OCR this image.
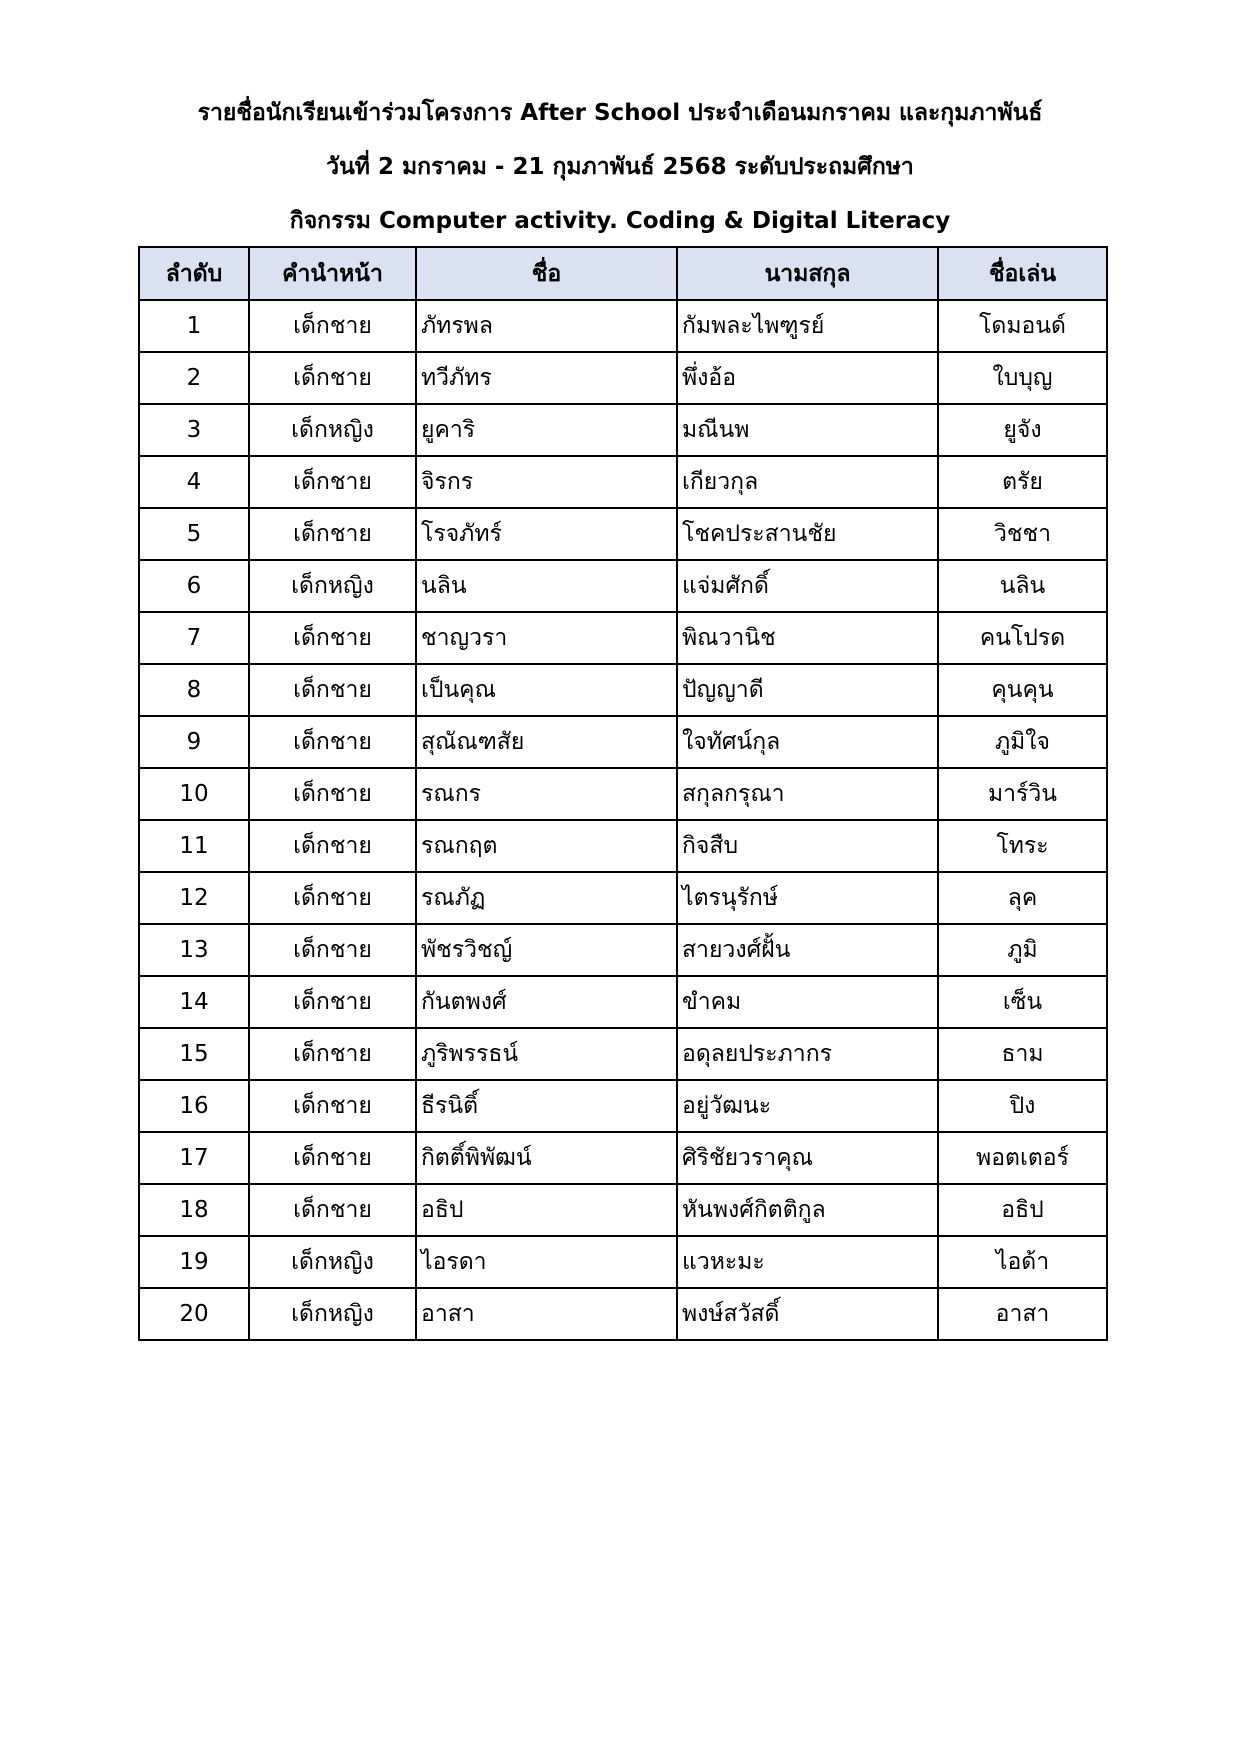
รายชื่อนักเรียนเข้าร่วมโครงการ After School ประจำเดือนมกราคม และกุมภาพันธ์
วันที่ 2 มกราคม - 21 กุมภาพันธ์ 2568 ระดับประถมศึกษา
กิจกรรม Computer activity. Coding & Digital Literacy
ลำดับ	คำนำหน้า	ชื่อ	นามสกุล	ชื่อเล่น
1	เด็กชาย	ภัทรพล	กัมพละไพฑูรย์	โดมอนด์
2	เด็กชาย	ทวีภัทร	พึ่งอ้อ	ใบบุญ
3	เด็กหญิง	ยูคาริ	มณีนพ	ยูจัง
4	เด็กชาย	จิรกร	เกียวกุล	ตรัย
5	เด็กชาย	โรจภัทร์	โชคประสานชัย	วิชชา
6	เด็กหญิง	นลิน	แจ่มศักดิ์	นลิน
7	เด็กชาย	ชาญวรา	พิณวานิช	คนโปรด
8	เด็กชาย	เป็นคุณ	ปัญญาดี	คุนคุน
9	เด็กชาย	สุณัณฑสัย	ใจทัศน์กุล	ภูมิใจ
10	เด็กชาย	รณกร	สกุลกรุณา	มาร์วิน
11	เด็กชาย	รณกฤต	กิจสืบ	โทระ
12	เด็กชาย	รณภัฏ	ไตรนุรักษ์	ลุค
13	เด็กชาย	พัชรวิชญ์	สายวงศ์ฝั้น	ภูมิ
14	เด็กชาย	กันตพงศ์	ขำคม	เซ็น
15	เด็กชาย	ภูริพรรธน์	อดุลยประภากร	ธาม
16	เด็กชาย	ธีรนิติ์	อยู่วัฒนะ	ปิง
17	เด็กชาย	กิตติ์พิพัฒน์	ศิริชัยวราคุณ	พอตเตอร์
18	เด็กชาย	อธิป	หันพงศ์กิตติกูล	อธิป
19	เด็กหญิง	ไอรดา	แวหะมะ	ไอด้า
20	เด็กหญิง	อาสา	พงษ์สวัสดิ์	อาสา
